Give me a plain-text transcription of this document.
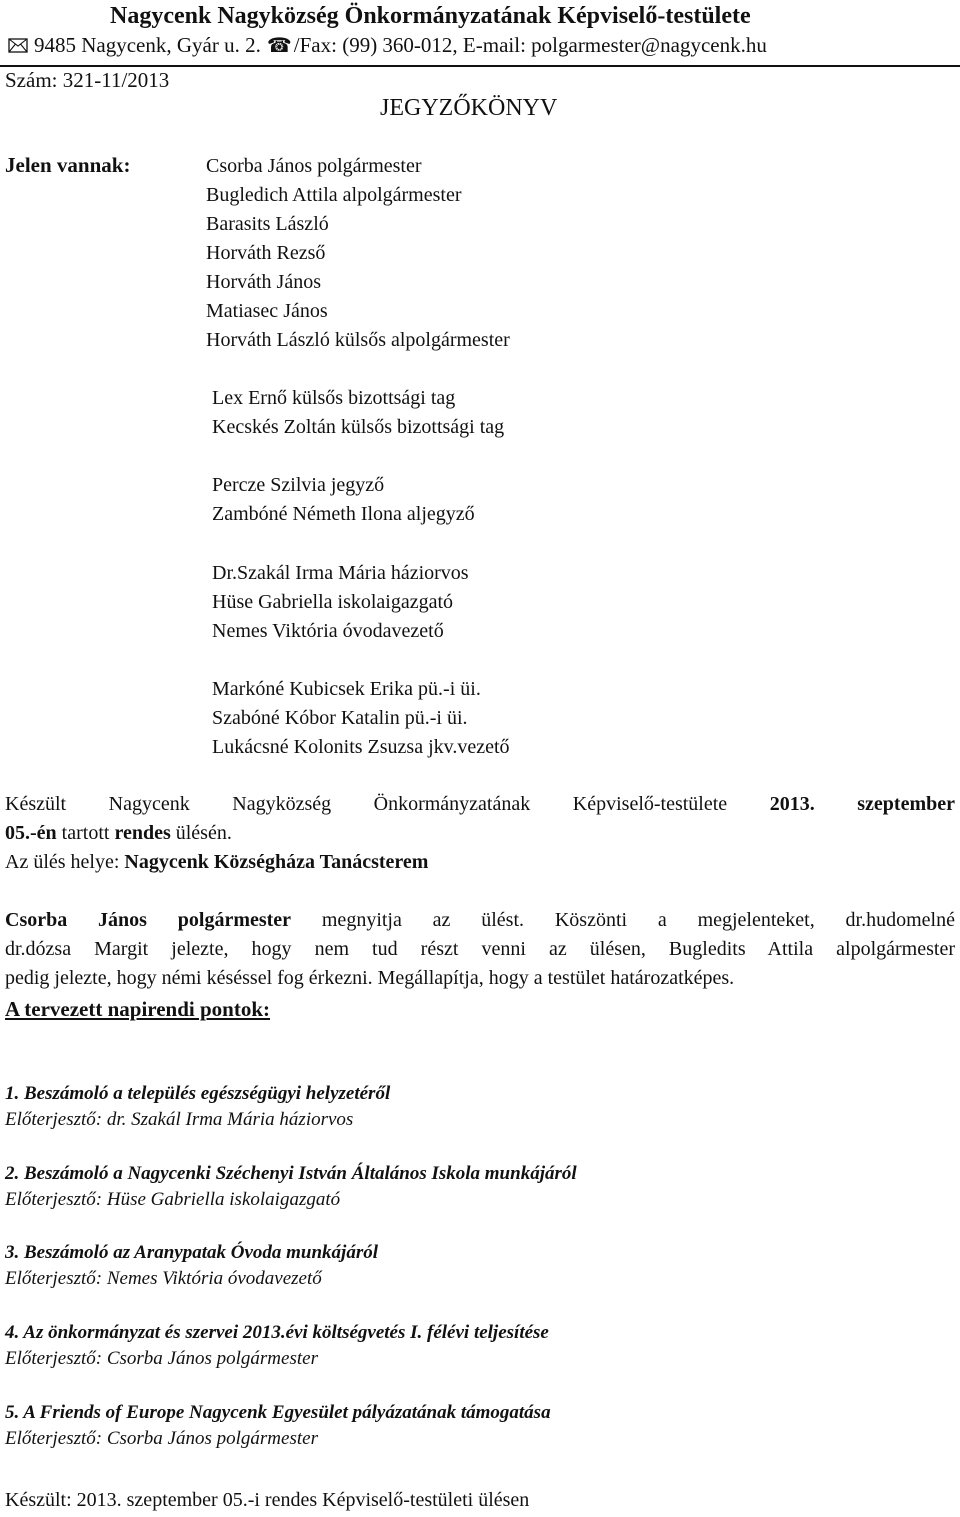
Nagycenk Nagyközség Önkormányzatának Képviselő-testülete
9485 Nagycenk, Gyár u. 2. ☎ /Fax: (99) 360-012, E-mail: polgarmester@nagycenk.hu
Szám: 321-11/2013
JEGYZŐKÖNYV
Jelen vannak:	Csorba János polgármester
Bugledich Attila alpolgármester
Barasits László
Horváth Rezső
Horváth János
Matiasec János
Horváth László külsős alpolgármester
Lex Ernő külsős bizottsági tag
Kecskés Zoltán külsős bizottsági tag
Percze Szilvia jegyző
Zambóné Németh Ilona aljegyző
Dr.Szakál Irma Mária háziorvos
Hüse Gabriella iskolaigazgató
Nemes Viktória óvodavezető
Markóné Kubicsek Erika pü.-i üi.
Szabóné Kóbor Katalin pü.-i üi.
Lukácsné Kolonits Zsuzsa jkv.vezető
Készült Nagycenk Nagyközség Önkormányzatának Képviselő-testülete 2013. szeptember
05.-én tartott rendes ülésén.
Az ülés helye: Nagycenk Községháza Tanácsterem
Csorba János polgármester megnyitja az ülést. Köszönti a megjelenteket, dr.hudomelné
dr.dózsa Margit jelezte, hogy nem tud részt venni az ülésen, Bugledits Attila alpolgármester
pedig jelezte, hogy némi késéssel fog érkezni. Megállapítja, hogy a testület határozatképes.
A tervezett napirendi pontok:
1. Beszámoló a település egészségügyi helyzetéről
Előterjesztő: dr. Szakál Irma Mária háziorvos
2. Beszámoló a Nagycenki Széchenyi István Általános Iskola munkájáról
Előterjesztő: Hüse Gabriella iskolaigazgató
3. Beszámoló az Aranypatak Óvoda munkájáról
Előterjesztő: Nemes Viktória óvodavezető
4. Az önkormányzat és szervei 2013.évi költségvetés I. félévi teljesítése
Előterjesztő: Csorba János polgármester
5. A Friends of Europe Nagycenk Egyesület pályázatának támogatása
Előterjesztő: Csorba János polgármester
Készült: 2013. szeptember 05.-i rendes Képviselő-testületi ülésen
